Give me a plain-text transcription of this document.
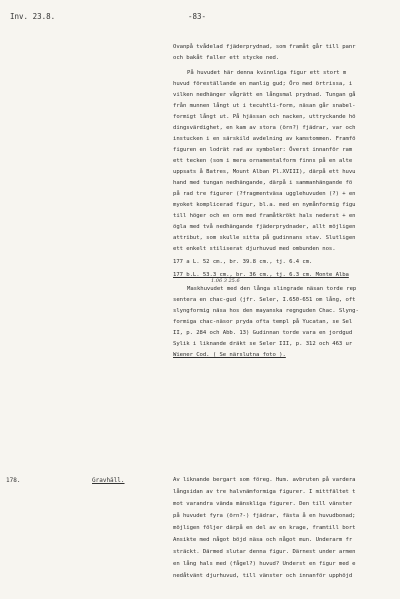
Inv. 23.8.	-83-
Ovanpå tvådelad fjäderprydnad, som framåt går till panr
och bakåt faller ett stycke ned.
På huvudet här denna kvinnliga figur ett stort m
huvud föreställande en manlig gud; Öro med örtrissa, i
vilken nedhänger vågrätt en långsmal prydnad. Tungan gå
från munnen långt ut i tecuhtli-form, näsan går snabel-
formigt långt ut. På hjässan och nacken, uttryckande hö
dingsvärdighet, en kam av stora (örn?) fjädrar, var och
instucken i en särskild avdelning av kamstommen. Framfö
figuren en lodrät rad av symboler: Överst innanför ram
ett tecken (som i mera ornamentalform finns på en alte
uppsats å Batres, Mount Alban Pl.XVIII), därpå ett huvu
hand med tungan nedhängande, därpå i sammanhängande fö
på rad tre figurer (?fragmentväsa ugglehuvuden (?) + en
myoket komplicerad figur, bl.a. med en nymånformig figu
till höger och en orm med framåtkrökt hals nederst + en
ögla med två nedhängande fjäderprydnader, allt möjligen
attribut, som skulle sitta på gudinnans stav. Slutligen
ett enkelt stiliserat djurhuvud med ombunden nos.
177 a L. 52 cm., br. 39.8 cm., tj. 6.4 cm.
177 b.L. 53.3 cm., br. 36 cm., tj. 6.3 cm. Monte Alba
1.06 3 25.6
Maskhuvudet med den långa slingrade näsan torde rep
sentera en chac-gud (jfr. Seler, I.650-651 om lång, oft
slyngformig näsa hos den mayanska regnguden Chac. Slyng-
formiga chac-näsor pryda ofta templ på Yucatan, se Sel
II, p. 284 och Abb. 13) Gudinnan torde vara en jordgud
Sylik i liknande dräkt se Seler III, p. 312 och 463 ur
Wiener Cod. ( Se närslutna foto ).
178.	Gravhäll.	Av liknande bergart som föreg. Hum. avbruten på vardera
långsidan av tre halvnämformiga figurer. I mittfältet t
mot varandra vända mänskliga figurer. Den till vänster
på huvudet fyra (örn?-) fjädrar, fästa å en huvudbonad;
möjligen följer därpå en del av en krage, framtill bort
Ansikte med något böjd näsa och något mun. Underarm fr
sträckt. Därmed slutar denna figur. Därnest under armen
en lång hals med (fågel?) huvud? Underst en figur med e
nedåtvänt djurhuvud, till vänster och innanför upphöjd
